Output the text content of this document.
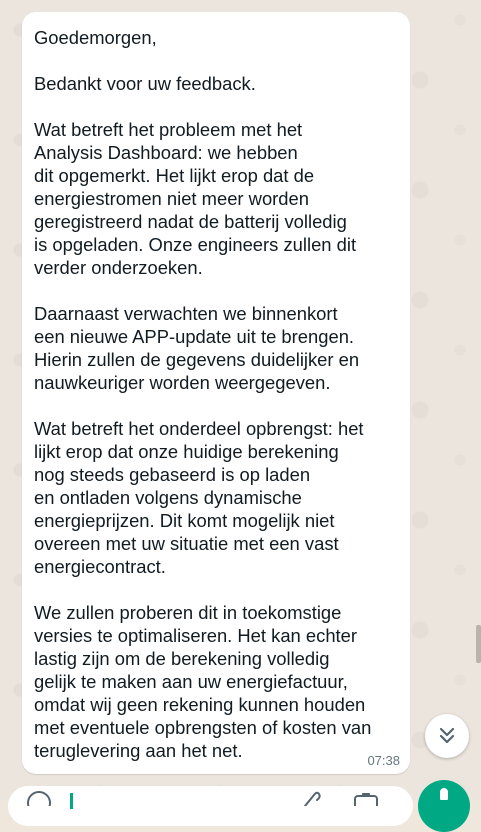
Goedemorgen,

Bedankt voor uw feedback.

Wat betreft het probleem met het
Analysis Dashboard: we hebben
dit opgemerkt. Het lijkt erop dat de
energiestromen niet meer worden
geregistreerd nadat de batterij volledig
is opgeladen. Onze engineers zullen dit
verder onderzoeken.

Daarnaast verwachten we binnenkort
een nieuwe APP-update uit te brengen.
Hierin zullen de gegevens duidelijker en
nauwkeuriger worden weergegeven.

Wat betreft het onderdeel opbrengst: het
lijkt erop dat onze huidige berekening
nog steeds gebaseerd is op laden
en ontladen volgens dynamische
energieprijzen. Dit komt mogelijk niet
overeen met uw situatie met een vast
energiecontract.

We zullen proberen dit in toekomstige
versies te optimaliseren. Het kan echter
lastig zijn om de berekening volledig
gelijk te maken aan uw energiefactuur,
omdat wij geen rekening kunnen houden
met eventuele opbrengsten of kosten van
teruglevering aan het net.	07:38
